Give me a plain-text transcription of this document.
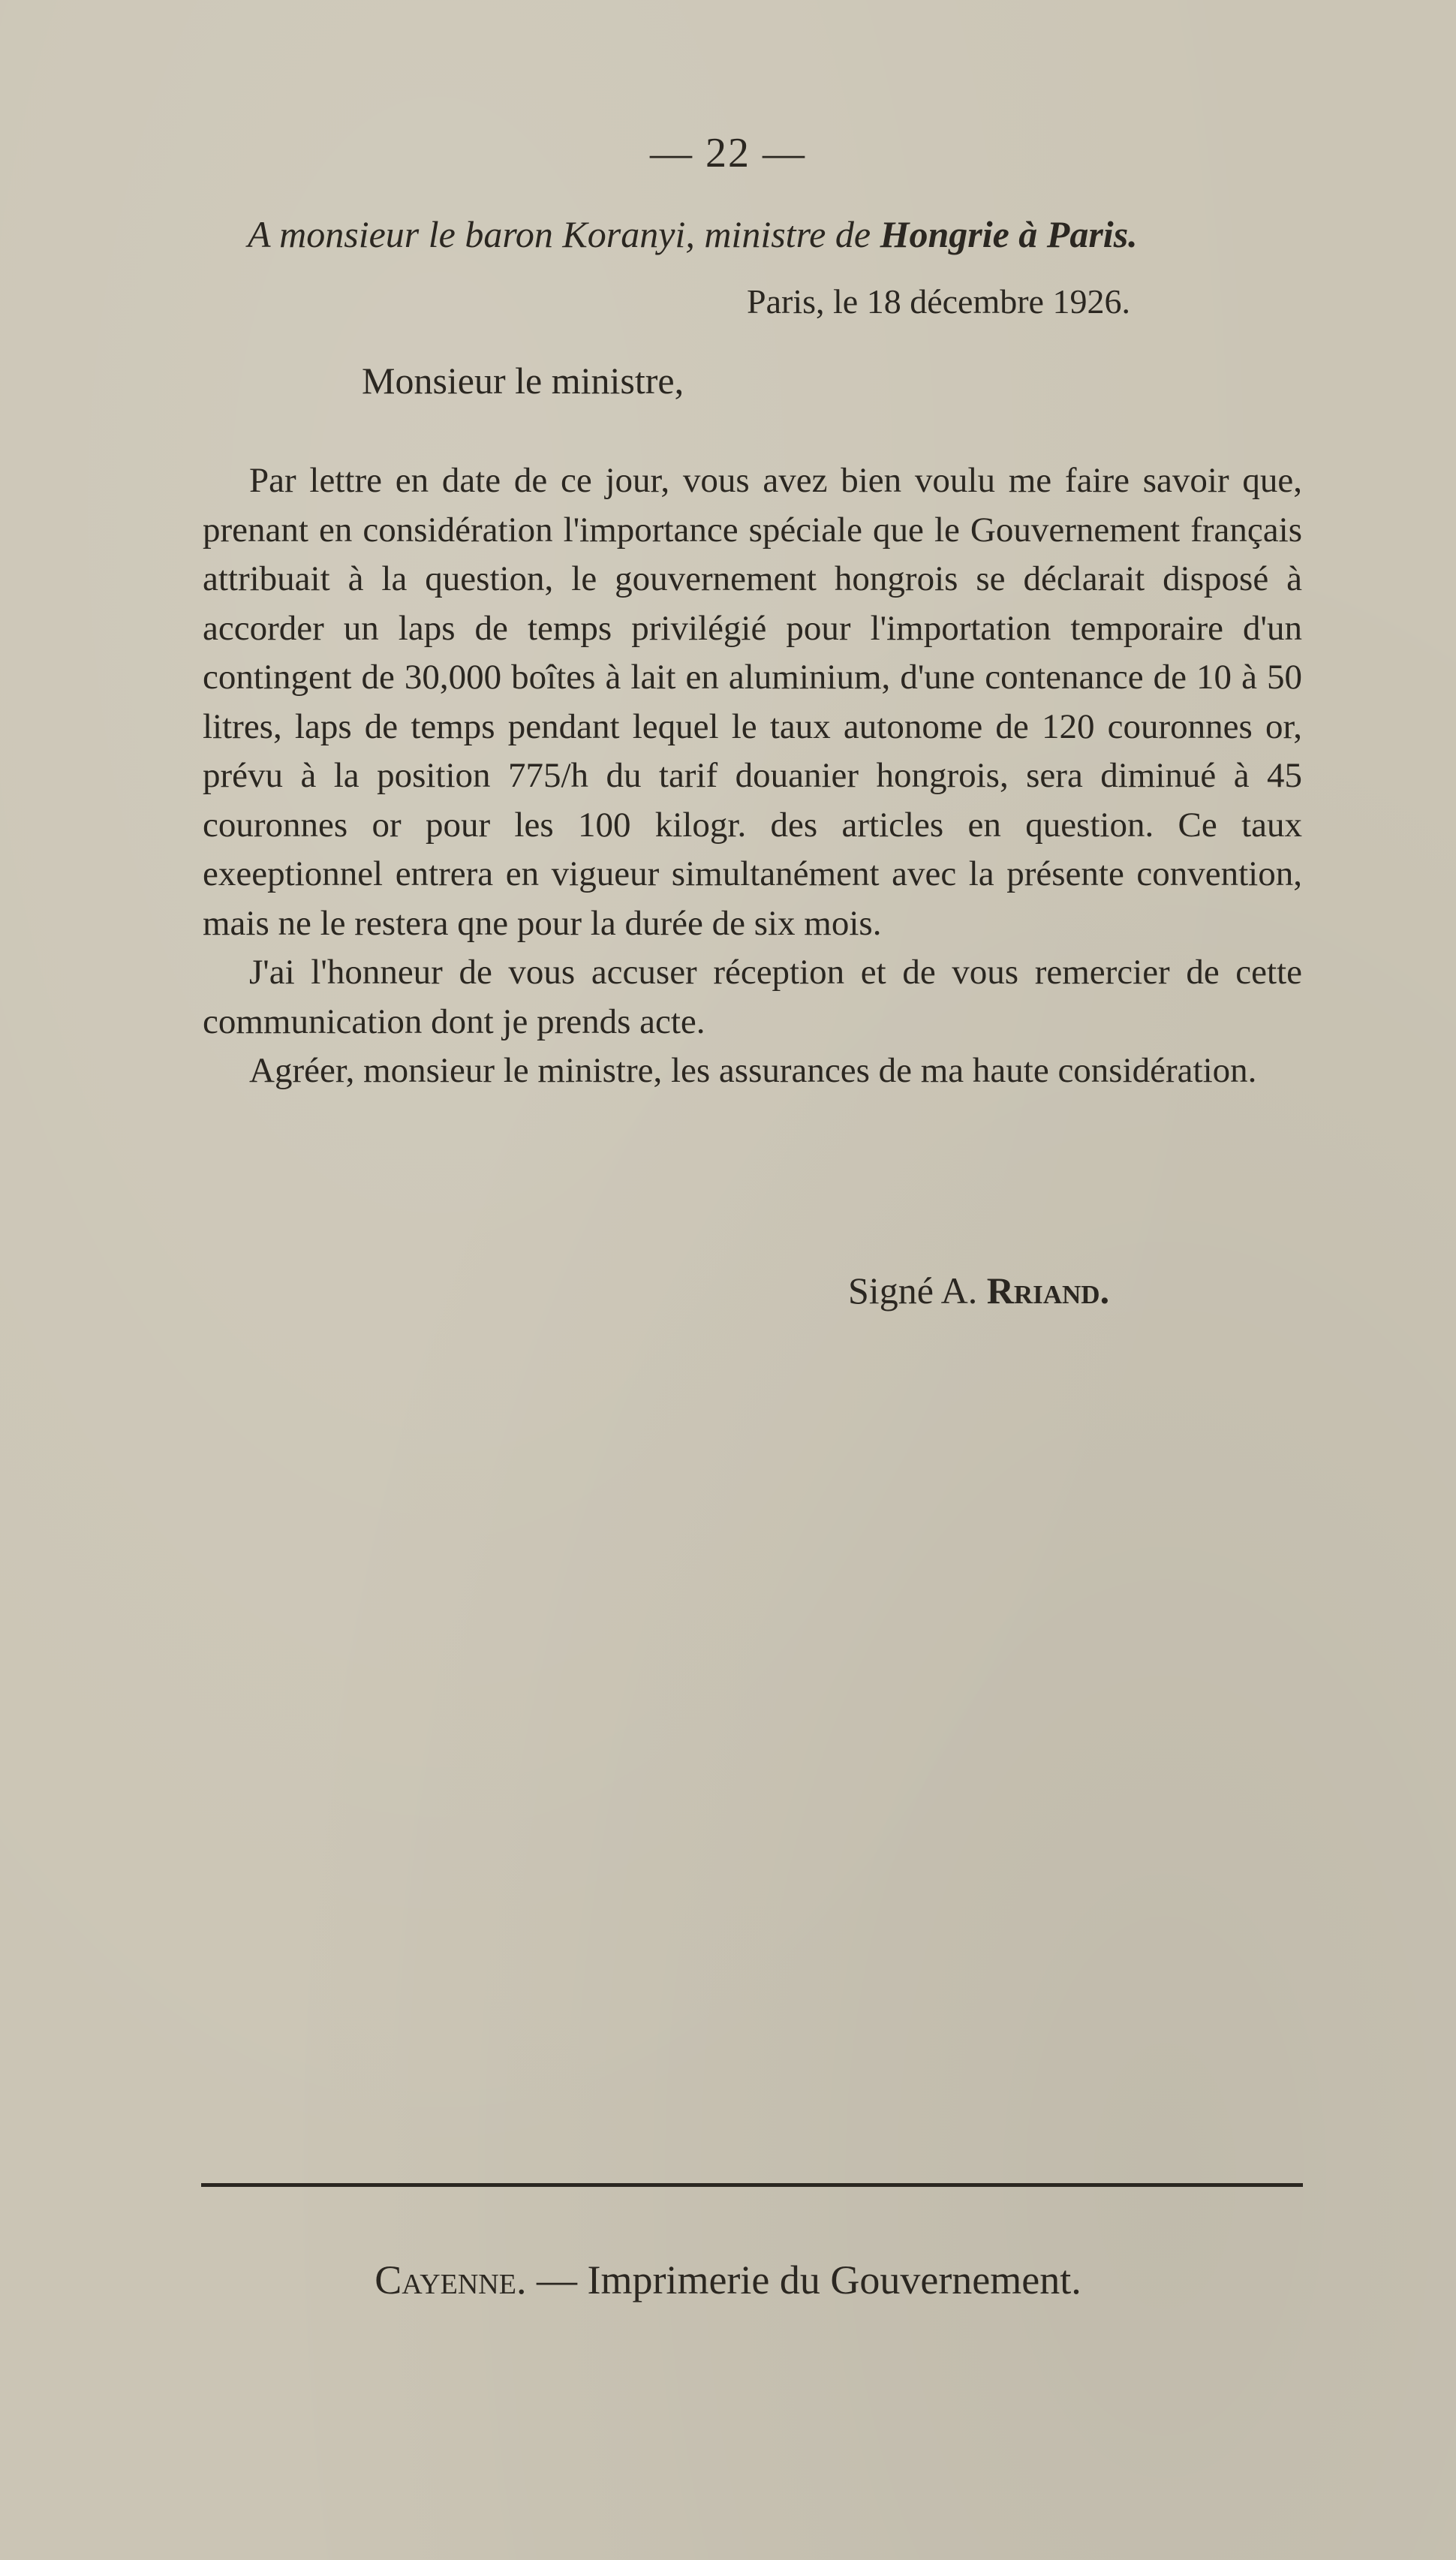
— 22 —
A monsieur le baron Koranyi, ministre de Hongrie à Paris.
Paris, le 18 décembre 1926.
Monsieur le ministre,

Par lettre en date de ce jour, vous avez bien voulu me faire savoir que, prenant en considération l'importance spéciale que le Gouvernement français attribuait à la question, le gouvernement hongrois se déclarait disposé à accorder un laps de temps privilégié pour l'importation temporaire d'un contingent de 30,000 boîtes à lait en aluminium, d'une contenance de 10 à 50 litres, laps de temps pendant lequel le taux autonome de 120 couronnes or, prévu à la position 775/h du tarif douanier hongrois, sera diminué à 45 couronnes or pour les 100 kilogr. des articles en question. Ce taux exeeptionnel entrera en vigueur simultanément avec la présente convention, mais ne le restera qne pour la durée de six mois.

J'ai l'honneur de vous accuser réception et de vous remercier de cette communication dont je prends acte.

Agréer, monsieur le ministre, les assurances de ma haute considération.

Signé A. Rriand.
Cayenne. — Imprimerie du Gouvernement.
